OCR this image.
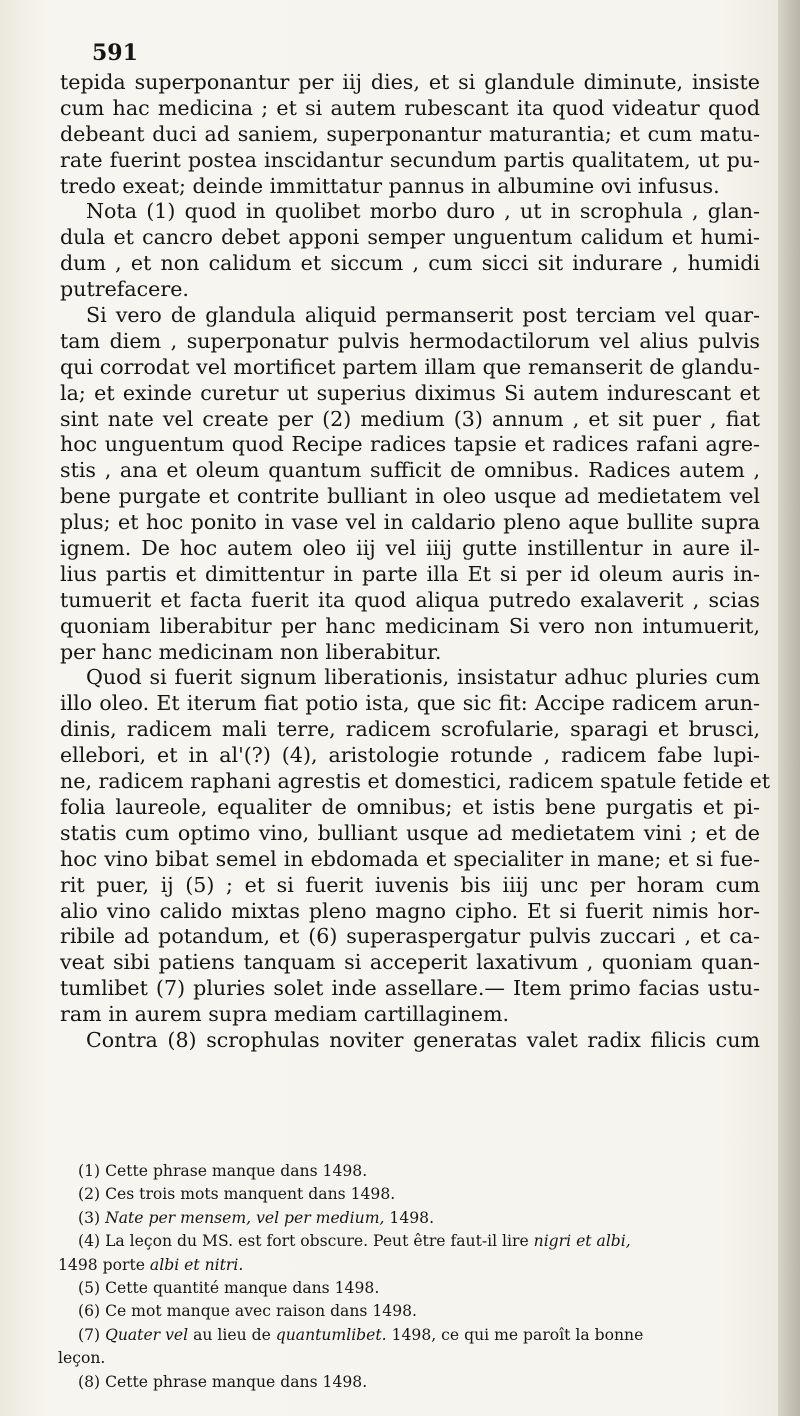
591
tepida superponantur per iij dies, et si glandule diminute, insiste
cum hac medicina ; et si autem rubescant ita quod videatur quod
debeant duci ad saniem, superponantur maturantia; et cum matu-
rate fuerint postea inscidantur secundum partis qualitatem, ut pu-
tredo exeat; deinde immittatur pannus in albumine ovi infusus.
Nota (1) quod in quolibet morbo duro , ut in scrophula , glan-
dula et cancro debet apponi semper unguentum calidum et humi-
dum , et non calidum et siccum , cum sicci sit indurare , humidi
putrefacere.
Si vero de glandula aliquid permanserit post terciam vel quar-
tam diem , superponatur pulvis hermodactilorum vel alius pulvis
qui corrodat vel mortificet partem illam que remanserit de glandu-
la; et exinde curetur ut superius diximus Si autem indurescant et
sint nate vel create per (2) medium (3) annum , et sit puer , fiat
hoc unguentum quod Recipe radices tapsie et radices rafani agre-
stis , ana et oleum quantum sufficit de omnibus. Radices autem ,
bene purgate et contrite bulliant in oleo usque ad medietatem vel
plus; et hoc ponito in vase vel in caldario pleno aque bullite supra
ignem. De hoc autem oleo iij vel iiij gutte instillentur in aure il-
lius partis et dimittentur in parte illa Et si per id oleum auris in-
tumuerit et facta fuerit ita quod aliqua putredo exalaverit , scias
quoniam liberabitur per hanc medicinam Si vero non intumuerit,
per hanc medicinam non liberabitur.
Quod si fuerit signum liberationis, insistatur adhuc pluries cum
illo oleo. Et iterum fiat potio ista, que sic fit: Accipe radicem arun-
dinis, radicem mali terre, radicem scrofularie, sparagi et brusci,
ellebori, et in al'(?) (4), aristologie rotunde , radicem fabe lupi-
ne, radicem raphani agrestis et domestici, radicem spatule fetide et
folia laureole, equaliter de omnibus; et istis bene purgatis et pi-
statis cum optimo vino, bulliant usque ad medietatem vini ; et de
hoc vino bibat semel in ebdomada et specialiter in mane; et si fue-
rit puer, ij (5) ; et si fuerit iuvenis bis iiij unc per horam cum
alio vino calido mixtas pleno magno cipho. Et si fuerit nimis hor-
ribile ad potandum, et (6) superaspergatur pulvis zuccari , et ca-
veat sibi patiens tanquam si acceperit laxativum , quoniam quan-
tumlibet (7) pluries solet inde assellare.— Item primo facias ustu-
ram in aurem supra mediam cartillaginem.
Contra (8) scrophulas noviter generatas valet radix filicis cum
(1) Cette phrase manque dans 1498.
(2) Ces trois mots manquent dans 1498.
(3) Nate per mensem, vel per medium, 1498.
(4) La leçon du MS. est fort obscure. Peut être faut-il lire nigri et albi,
1498 porte albi et nitri.
(5) Cette quantité manque dans 1498.
(6) Ce mot manque avec raison dans 1498.
(7) Quater vel au lieu de quantumlibet. 1498, ce qui me paroît la bonne
leçon.
(8) Cette phrase manque dans 1498.
